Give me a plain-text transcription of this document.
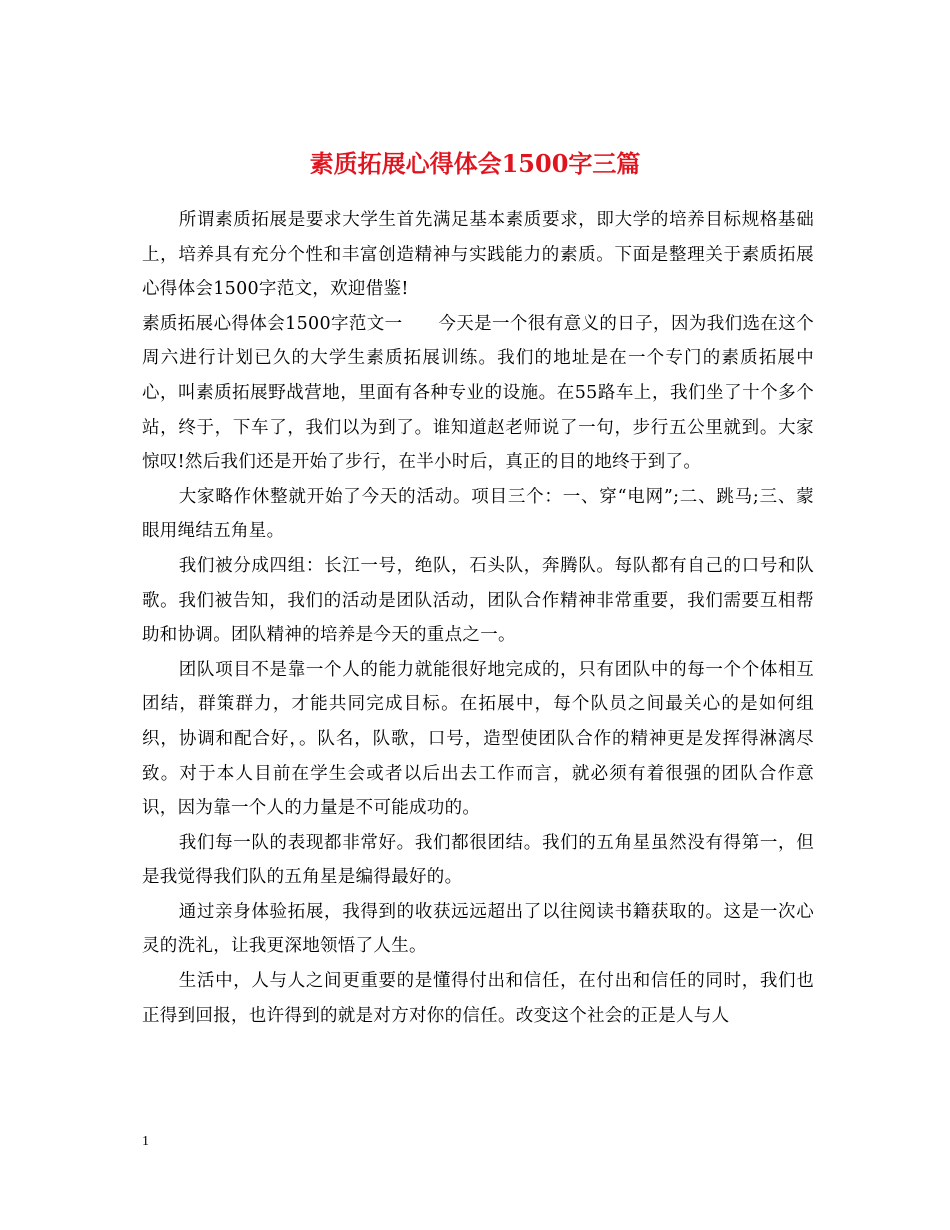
素质拓展心得体会1500字三篇

所谓素质拓展是要求大学生首先满足基本素质要求，即大学的培养目标规格基础上，培养具有充分个性和丰富创造精神与实践能力的素质。下面是整理关于素质拓展心得体会1500字范文，欢迎借鉴!

素质拓展心得体会1500字范文一　　今天是一个很有意义的日子，因为我们选在这个周六进行计划已久的大学生素质拓展训练。我们的地址是在一个专门的素质拓展中心，叫素质拓展野战营地，里面有各种专业的设施。在55路车上，我们坐了十个多个站，终于，下车了，我们以为到了。谁知道赵老师说了一句，步行五公里就到。大家惊叹!然后我们还是开始了步行，在半小时后，真正的目的地终于到了。

大家略作休整就开始了今天的活动。项目三个：一、穿“电网”;二、跳马;三、蒙眼用绳结五角星。

我们被分成四组：长江一号，绝队，石头队，奔腾队。每队都有自己的口号和队歌。我们被告知，我们的活动是团队活动，团队合作精神非常重要，我们需要互相帮助和协调。团队精神的培养是今天的重点之一。

团队项目不是靠一个人的能力就能很好地完成的，只有团队中的每一个个体相互团结，群策群力，才能共同完成目标。在拓展中，每个队员之间最关心的是如何组织，协调和配合好，。队名，队歌，口号，造型使团队合作的精神更是发挥得淋漓尽致。对于本人目前在学生会或者以后出去工作而言，就必须有着很强的团队合作意识，因为靠一个人的力量是不可能成功的。

我们每一队的表现都非常好。我们都很团结。我们的五角星虽然没有得第一，但是我觉得我们队的五角星是编得最好的。

通过亲身体验拓展，我得到的收获远远超出了以往阅读书籍获取的。这是一次心灵的洗礼，让我更深地领悟了人生。

生活中，人与人之间更重要的是懂得付出和信任，在付出和信任的同时，我们也正得到回报，也许得到的就是对方对你的信任。改变这个社会的正是人与人

1
